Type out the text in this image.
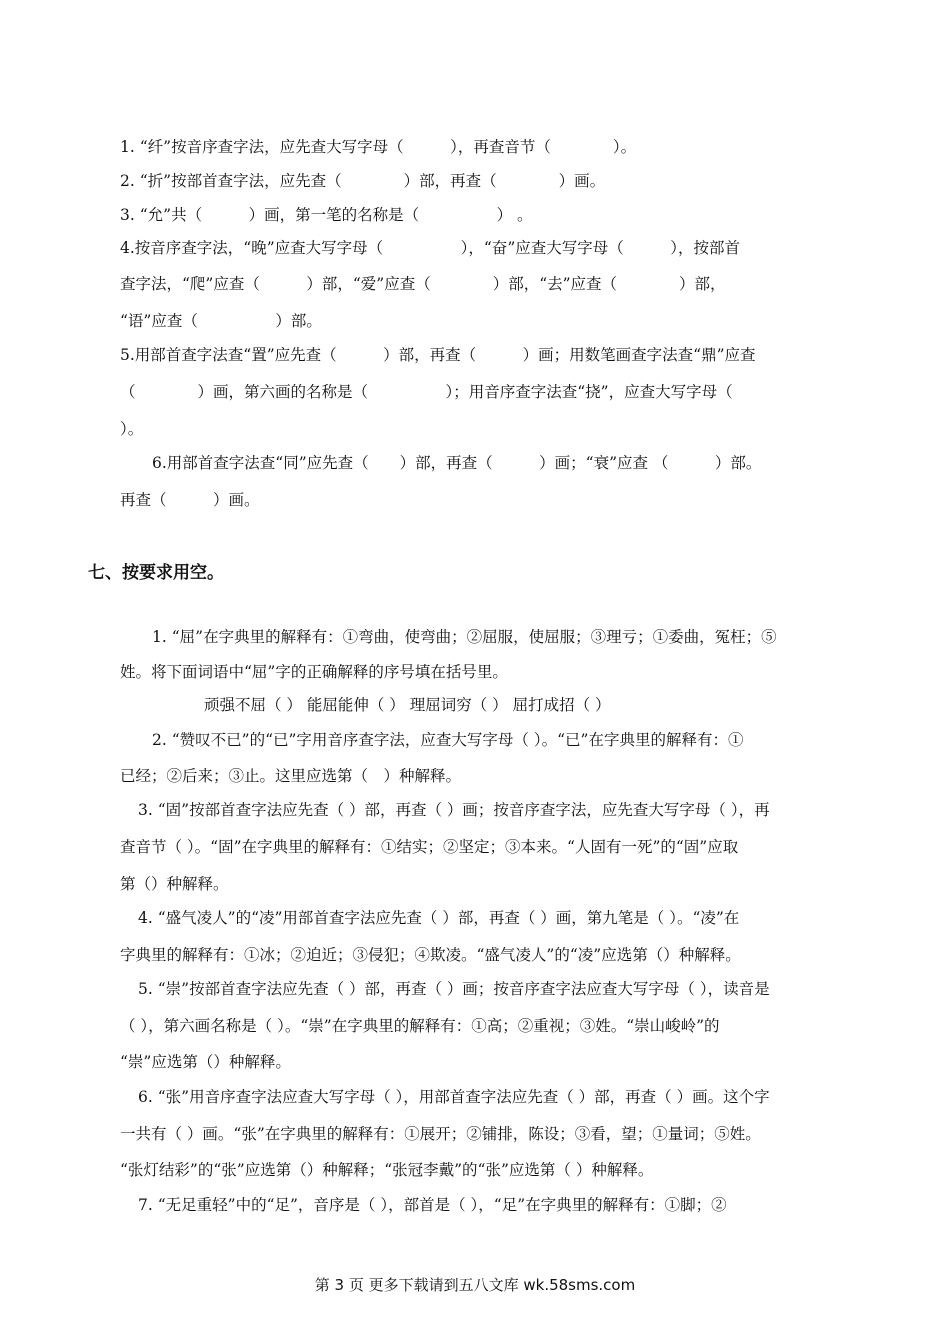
1. “纤”按音序查字法，应先查大写字母（　　　），再查音节（　　　　）。
2. “折”按部首查字法，应先查（　　　　）部，再查（　　　　）画。
3. “允”共（　　　）画，第一笔的名称是（　　　　　） 。
4.按音序查字法，“晚”应查大写字母（　　　　　），“奋”应查大写字母（　　　），按部首
查字法，“爬”应查（　　　）部，“爱”应查（　　　　）部，“去”应查（　　　　）部，
“语”应查（　　　　　）部。
5.用部首查字法查“置”应先查（　　　）部，再查（　　　）画；用数笔画查字法查“鼎”应查
（　　　　）画，第六画的名称是（　　　　　）；用音序查字法查“挠”，应查大写字母（
）。
6.用部首查字法查“同”应先查（　　）部，再查（　　　）画；“衰”应查 （　　　）部。
再查（　　　）画。
七、按要求用空。
1. “屈”在字典里的解释有：①弯曲，使弯曲；②屈服，使屈服；③理亏；①委曲，冤枉；⑤
姓。将下面词语中“屈”字的正确解释的序号填在括号里。
顽强不屈（ ） 能屈能伸（ ） 理屈词穷（ ） 屈打成招（ ）
2. “赞叹不已”的“已”字用音序查字法，应查大写字母（ ）。“已”在字典里的解释有：①
已经；②后来；③止。这里应选第（　）种解释。
3. “固”按部首查字法应先查（ ）部，再查（ ）画；按音序查字法，应先查大写字母（ ），再
查音节（ ）。“固”在字典里的解释有：①结实；②坚定；③本来。“人固有一死”的“固”应取
第（）种解释。
4. “盛气凌人”的“凌”用部首查字法应先查（ ）部，再查（ ）画，第九笔是（ ）。“凌”在
字典里的解释有：①冰；②迫近；③侵犯；④欺凌。“盛气凌人”的“凌”应选第（）种解释。
5. “崇”按部首查字法应先查（ ）部，再查（ ）画；按音序查字法应查大写字母（ ），读音是
（ ），第六画名称是（ ）。“崇”在字典里的解释有：①高；②重视；③姓。“崇山峻岭”的
“崇”应选第（）种解释。
6. “张”用音序查字法应查大写字母（ ），用部首查字法应先查（ ）部，再查（ ）画。这个字
一共有（ ）画。“张”在字典里的解释有：①展开；②铺排，陈设；③看，望；①量词；⑤姓。
“张灯结彩”的“张”应选第（）种解释；“张冠李戴”的“张”应选第（ ）种解释。
7. “无足重轻”中的“足”，音序是（ ），部首是（ ），“足”在字典里的解释有：①脚；②
第 3 页 更多下载请到五八文库 wk.58sms.com
